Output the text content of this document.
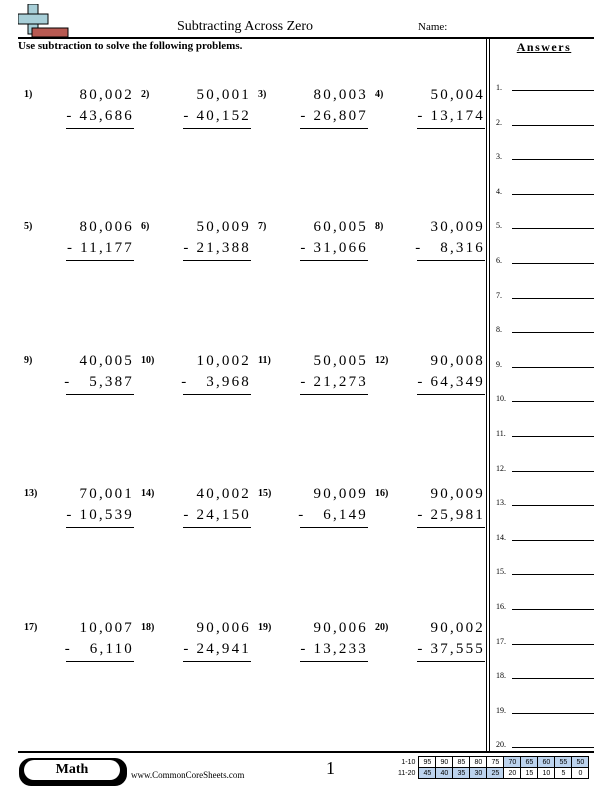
Subtracting Across Zero	Name:
Use subtraction to solve the following problems.	Answers
1.
2.
3.
4.
5.
6.
7.
8.
9.
10.
11.
12.
13.
14.
15.
16.
17.
18.
19.
20.
1)	80,002
- 43,686
2)	50,001
- 40,152
3)	80,003
- 26,807
4)	50,004
- 13,174
5)	80,006
- 11,177
6)	50,009
- 21,388
7)	60,005
- 31,066
8)	30,009
-   8,316
9)	40,005
-   5,387
10)	10,002
-   3,968
11)	50,005
- 21,273
12)	90,008
- 64,349
13)	70,001
- 10,539
14)	40,002
- 24,150
15)	90,009
-   6,149
16)	90,009
- 25,981
17)	10,007
-   6,110
18)	90,006
- 24,941
19)	90,006
- 13,233
20)	90,002
- 37,555
Math	www.CommonCoreSheets.com	1	1-10	95	90	85	80	75	70	65	60	55	50
11-20	45	40	35	30	25	20	15	10	5	0
